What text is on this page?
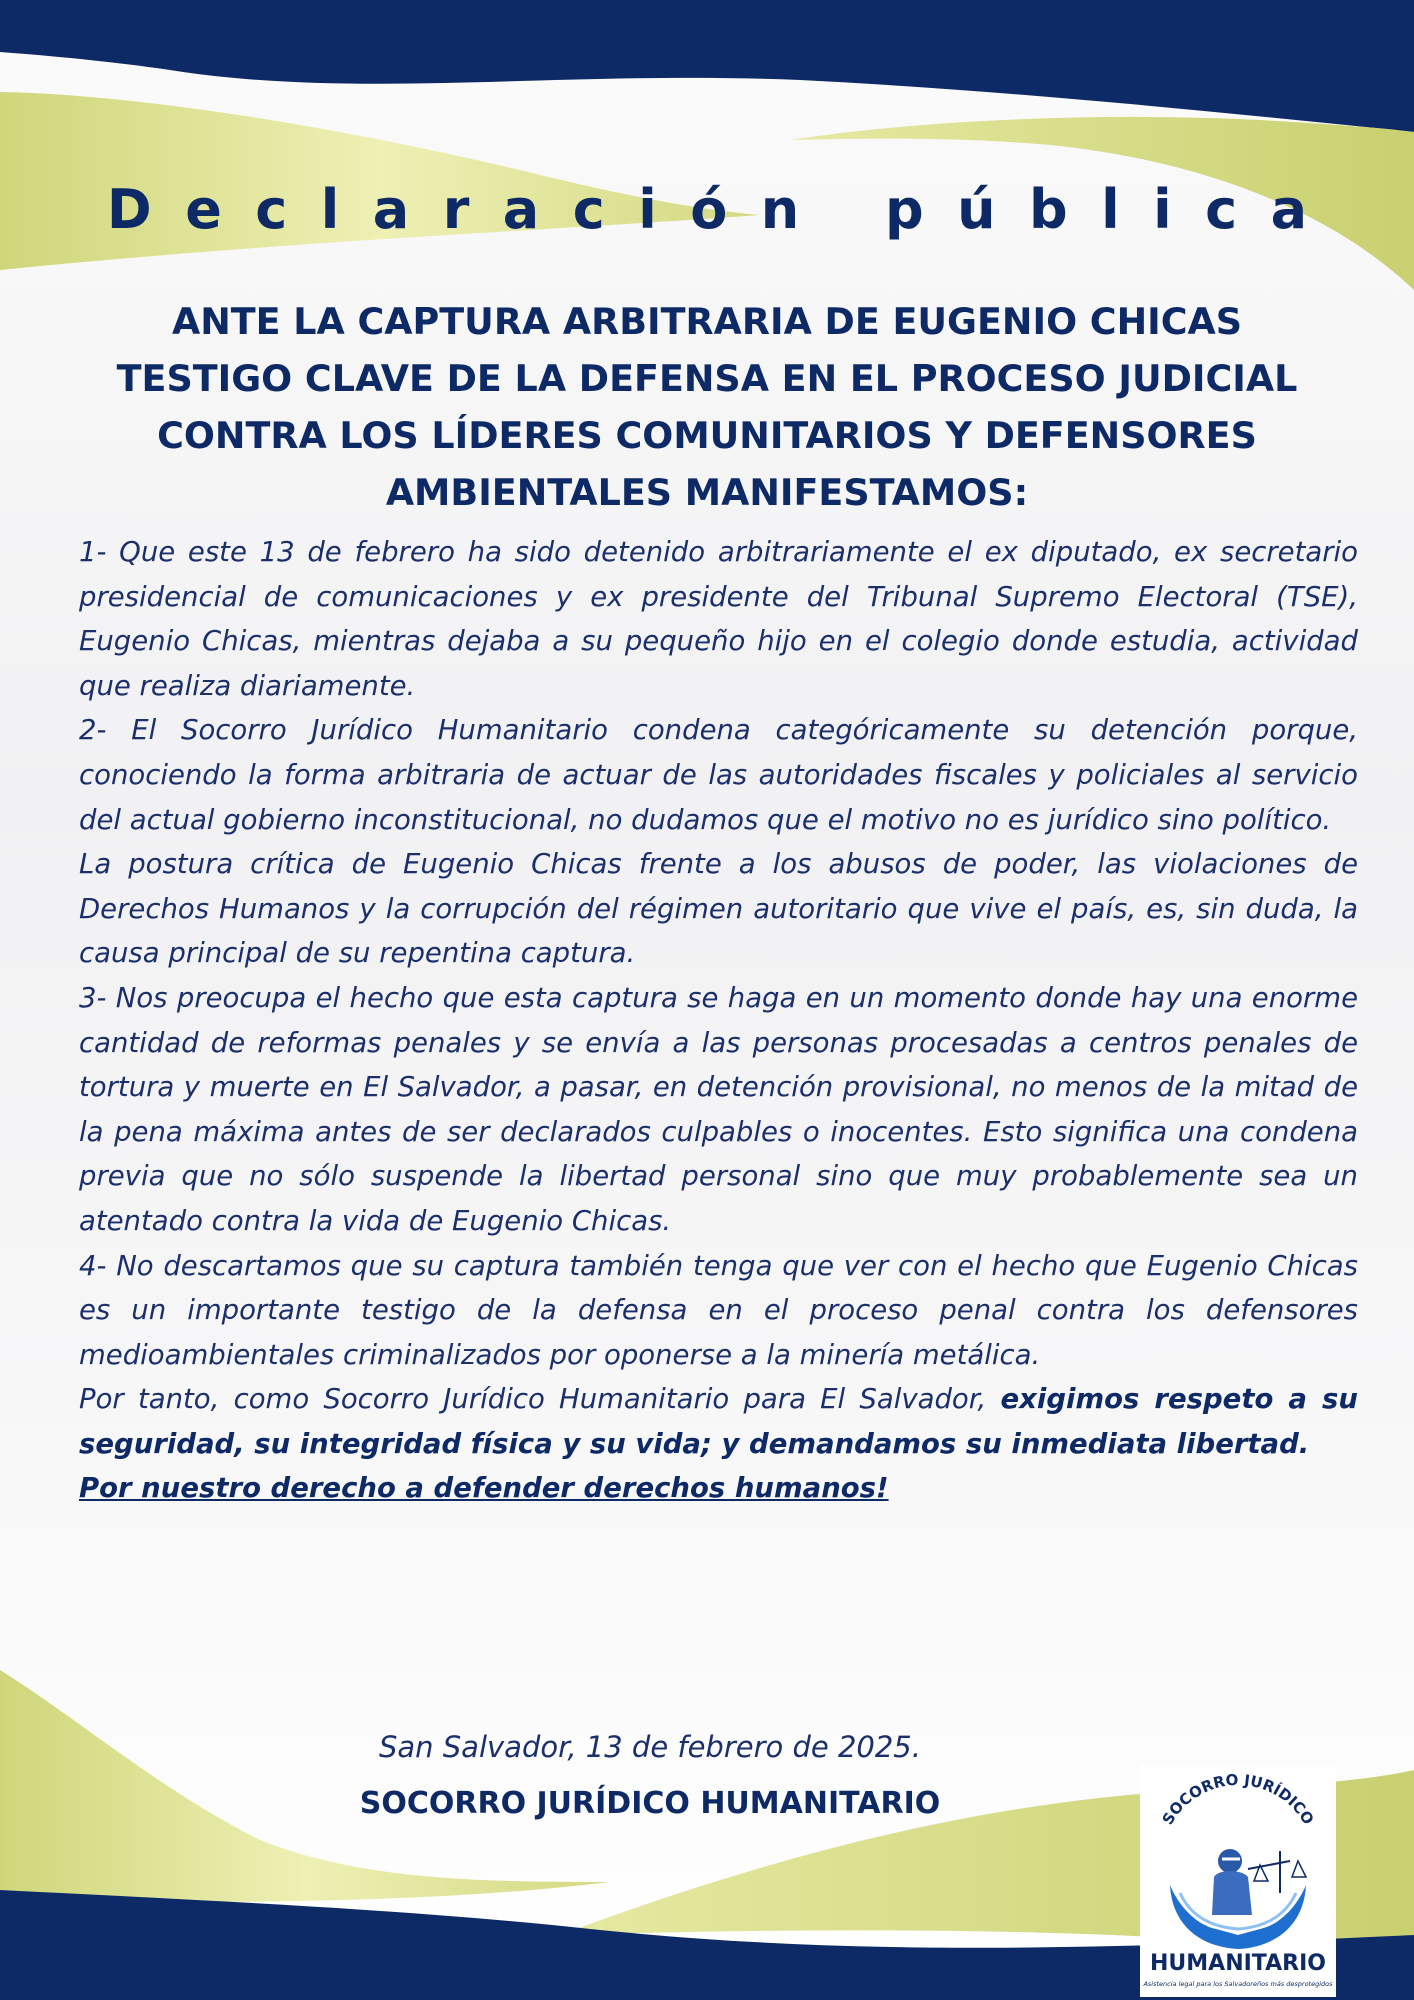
Declaración pública
ANTE LA CAPTURA ARBITRARIA DE EUGENIO CHICAS TESTIGO CLAVE DE LA DEFENSA EN EL PROCESO JUDICIAL CONTRA LOS LÍDERES COMUNITARIOS Y DEFENSORES AMBIENTALES MANIFESTAMOS:

1- Que este 13 de febrero ha sido detenido arbitrariamente el ex diputado, ex secretario presidencial de comunicaciones y ex presidente del Tribunal Supremo Electoral (TSE), Eugenio Chicas, mientras dejaba a su pequeño hijo en el colegio donde estudia, actividad que realiza diariamente.

2- El Socorro Jurídico Humanitario condena categóricamente su detención porque, conociendo la forma arbitraria de actuar de las autoridades fiscales y policiales al servicio del actual gobierno inconstitucional, no dudamos que el motivo no es jurídico sino político.

La postura crítica de Eugenio Chicas frente a los abusos de poder, las violaciones de Derechos Humanos y la corrupción del régimen autoritario que vive el país, es, sin duda, la causa principal de su repentina captura.

3- Nos preocupa el hecho que esta captura se haga en un momento donde hay una enorme cantidad de reformas penales y se envía a las personas procesadas a centros penales de tortura y muerte en El Salvador, a pasar, en detención provisional, no menos de la mitad de la pena máxima antes de ser declarados culpables o inocentes. Esto significa una condena previa que no sólo suspende la libertad personal sino que muy probablemente sea un atentado contra la vida de Eugenio Chicas.

4- No descartamos que su captura también tenga que ver con el hecho que Eugenio Chicas es un importante testigo de la defensa en el proceso penal contra los defensores medioambientales criminalizados por oponerse a la minería metálica.

Por tanto, como Socorro Jurídico Humanitario para El Salvador, exigimos respeto a su seguridad, su integridad física y su vida; y demandamos su inmediata libertad.

Por nuestro derecho a defender derechos humanos!

San Salvador, 13 de febrero de 2025.
SOCORRO JURÍDICO HUMANITARIO	SOCORRO JURÍDICO
HUMANITARIO
Asistencia legal para los Salvadoreños más desprotegidos
